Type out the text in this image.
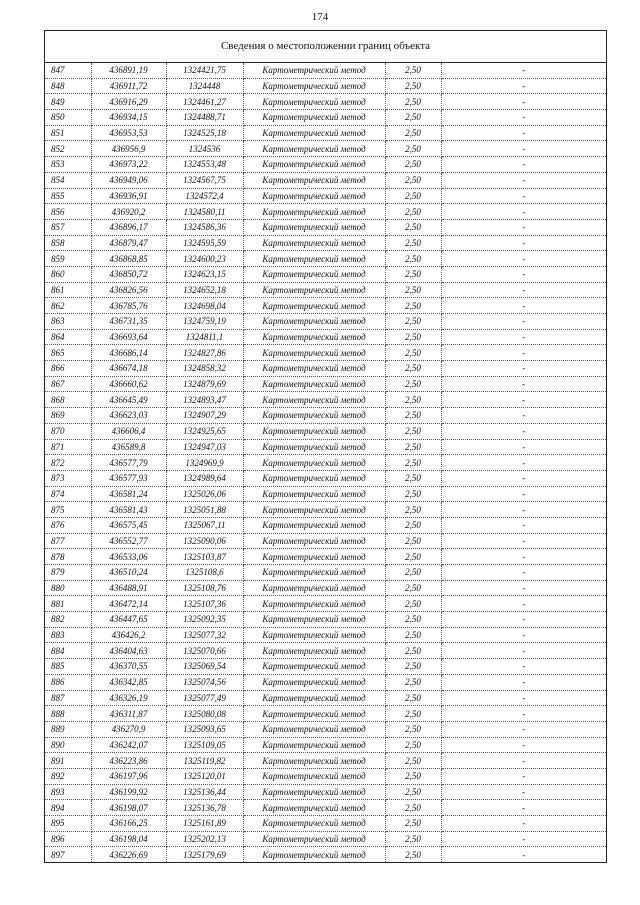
174
Сведения о местоположении границ объекта
847	436891,19	1324421,75	Картометрический метод	2,50	-
848	436911,72	1324448	Картометрический метод	2,50	-
849	436916,29	1324461,27	Картометрический метод	2,50	-
850	436934,15	1324488,71	Картометрический метод	2,50	-
851	436953,53	1324525,18	Картометрический метод	2,50	-
852	436956,9	1324536	Картометрический метод	2,50	-
853	436973,22	1324553,48	Картометрический метод	2,50	-
854	436949,06	1324567,75	Картометрический метод	2,50	-
855	436936,91	1324572,4	Картометрический метод	2,50	-
856	436920,2	1324580,11	Картометрический метод	2,50	-
857	436896,17	1324586,36	Картометрический метод	2,50	-
858	436879,47	1324595,59	Картометрический метод	2,50	-
859	436868,85	1324600,23	Картометрический метод	2,50	-
860	436850,72	1324623,15	Картометрический метод	2,50	-
861	436826,56	1324652,18	Картометрический метод	2,50	-
862	436785,76	1324698,04	Картометрический метод	2,50	-
863	436731,35	1324759,19	Картометрический метод	2,50	-
864	436693,64	1324811,1	Картометрический метод	2,50	-
865	436686,14	1324827,86	Картометрический метод	2,50	-
866	436674,18	1324858,32	Картометрический метод	2,50	-
867	436660,62	1324879,69	Картометрический метод	2,50	-
868	436645,49	1324893,47	Картометрический метод	2,50	-
869	436623,03	1324907,29	Картометрический метод	2,50	-
870	436606,4	1324925,65	Картометрический метод	2,50	-
871	436589,8	1324947,03	Картометрический метод	2,50	-
872	436577,79	1324969,9	Картометрический метод	2,50	-
873	436577,93	1324989,64	Картометрический метод	2,50	-
874	436581,24	1325026,06	Картометрический метод	2,50	-
875	436581,43	1325051,88	Картометрический метод	2,50	-
876	436575,45	1325067,11	Картометрический метод	2,50	-
877	436552,77	1325090,06	Картометрический метод	2,50	-
878	436533,06	1325103,87	Картометрический метод	2,50	-
879	436510,24	1325108,6	Картометрический метод	2,50	-
880	436488,91	1325108,76	Картометрический метод	2,50	-
881	436472,14	1325107,36	Картометрический метод	2,50	-
882	436447,65	1325092,35	Картометрический метод	2,50	-
883	436426,2	1325077,32	Картометрический метод	2,50	-
884	436404,63	1325070,66	Картометрический метод	2,50	-
885	436370,55	1325069,54	Картометрический метод	2,50	-
886	436342,85	1325074,56	Картометрический метод	2,50	-
887	436326,19	1325077,49	Картометрический метод	2,50	-
888	436311,87	1325080,08	Картометрический метод	2,50	-
889	436270,9	1325093,65	Картометрический метод	2,50	-
890	436242,07	1325109,05	Картометрический метод	2,50	-
891	436223,86	1325119,82	Картометрический метод	2,50	-
892	436197,96	1325120,01	Картометрический метод	2,50	-
893	436199,92	1325136,44	Картометрический метод	2,50	-
894	436198,07	1325136,78	Картометрический метод	2,50	-
895	436166,25	1325161,89	Картометрический метод	2,50	-
896	436198,04	1325202,13	Картометрический метод	2,50	-
897	436226,69	1325179,69	Картометрический метод	2,50	-
